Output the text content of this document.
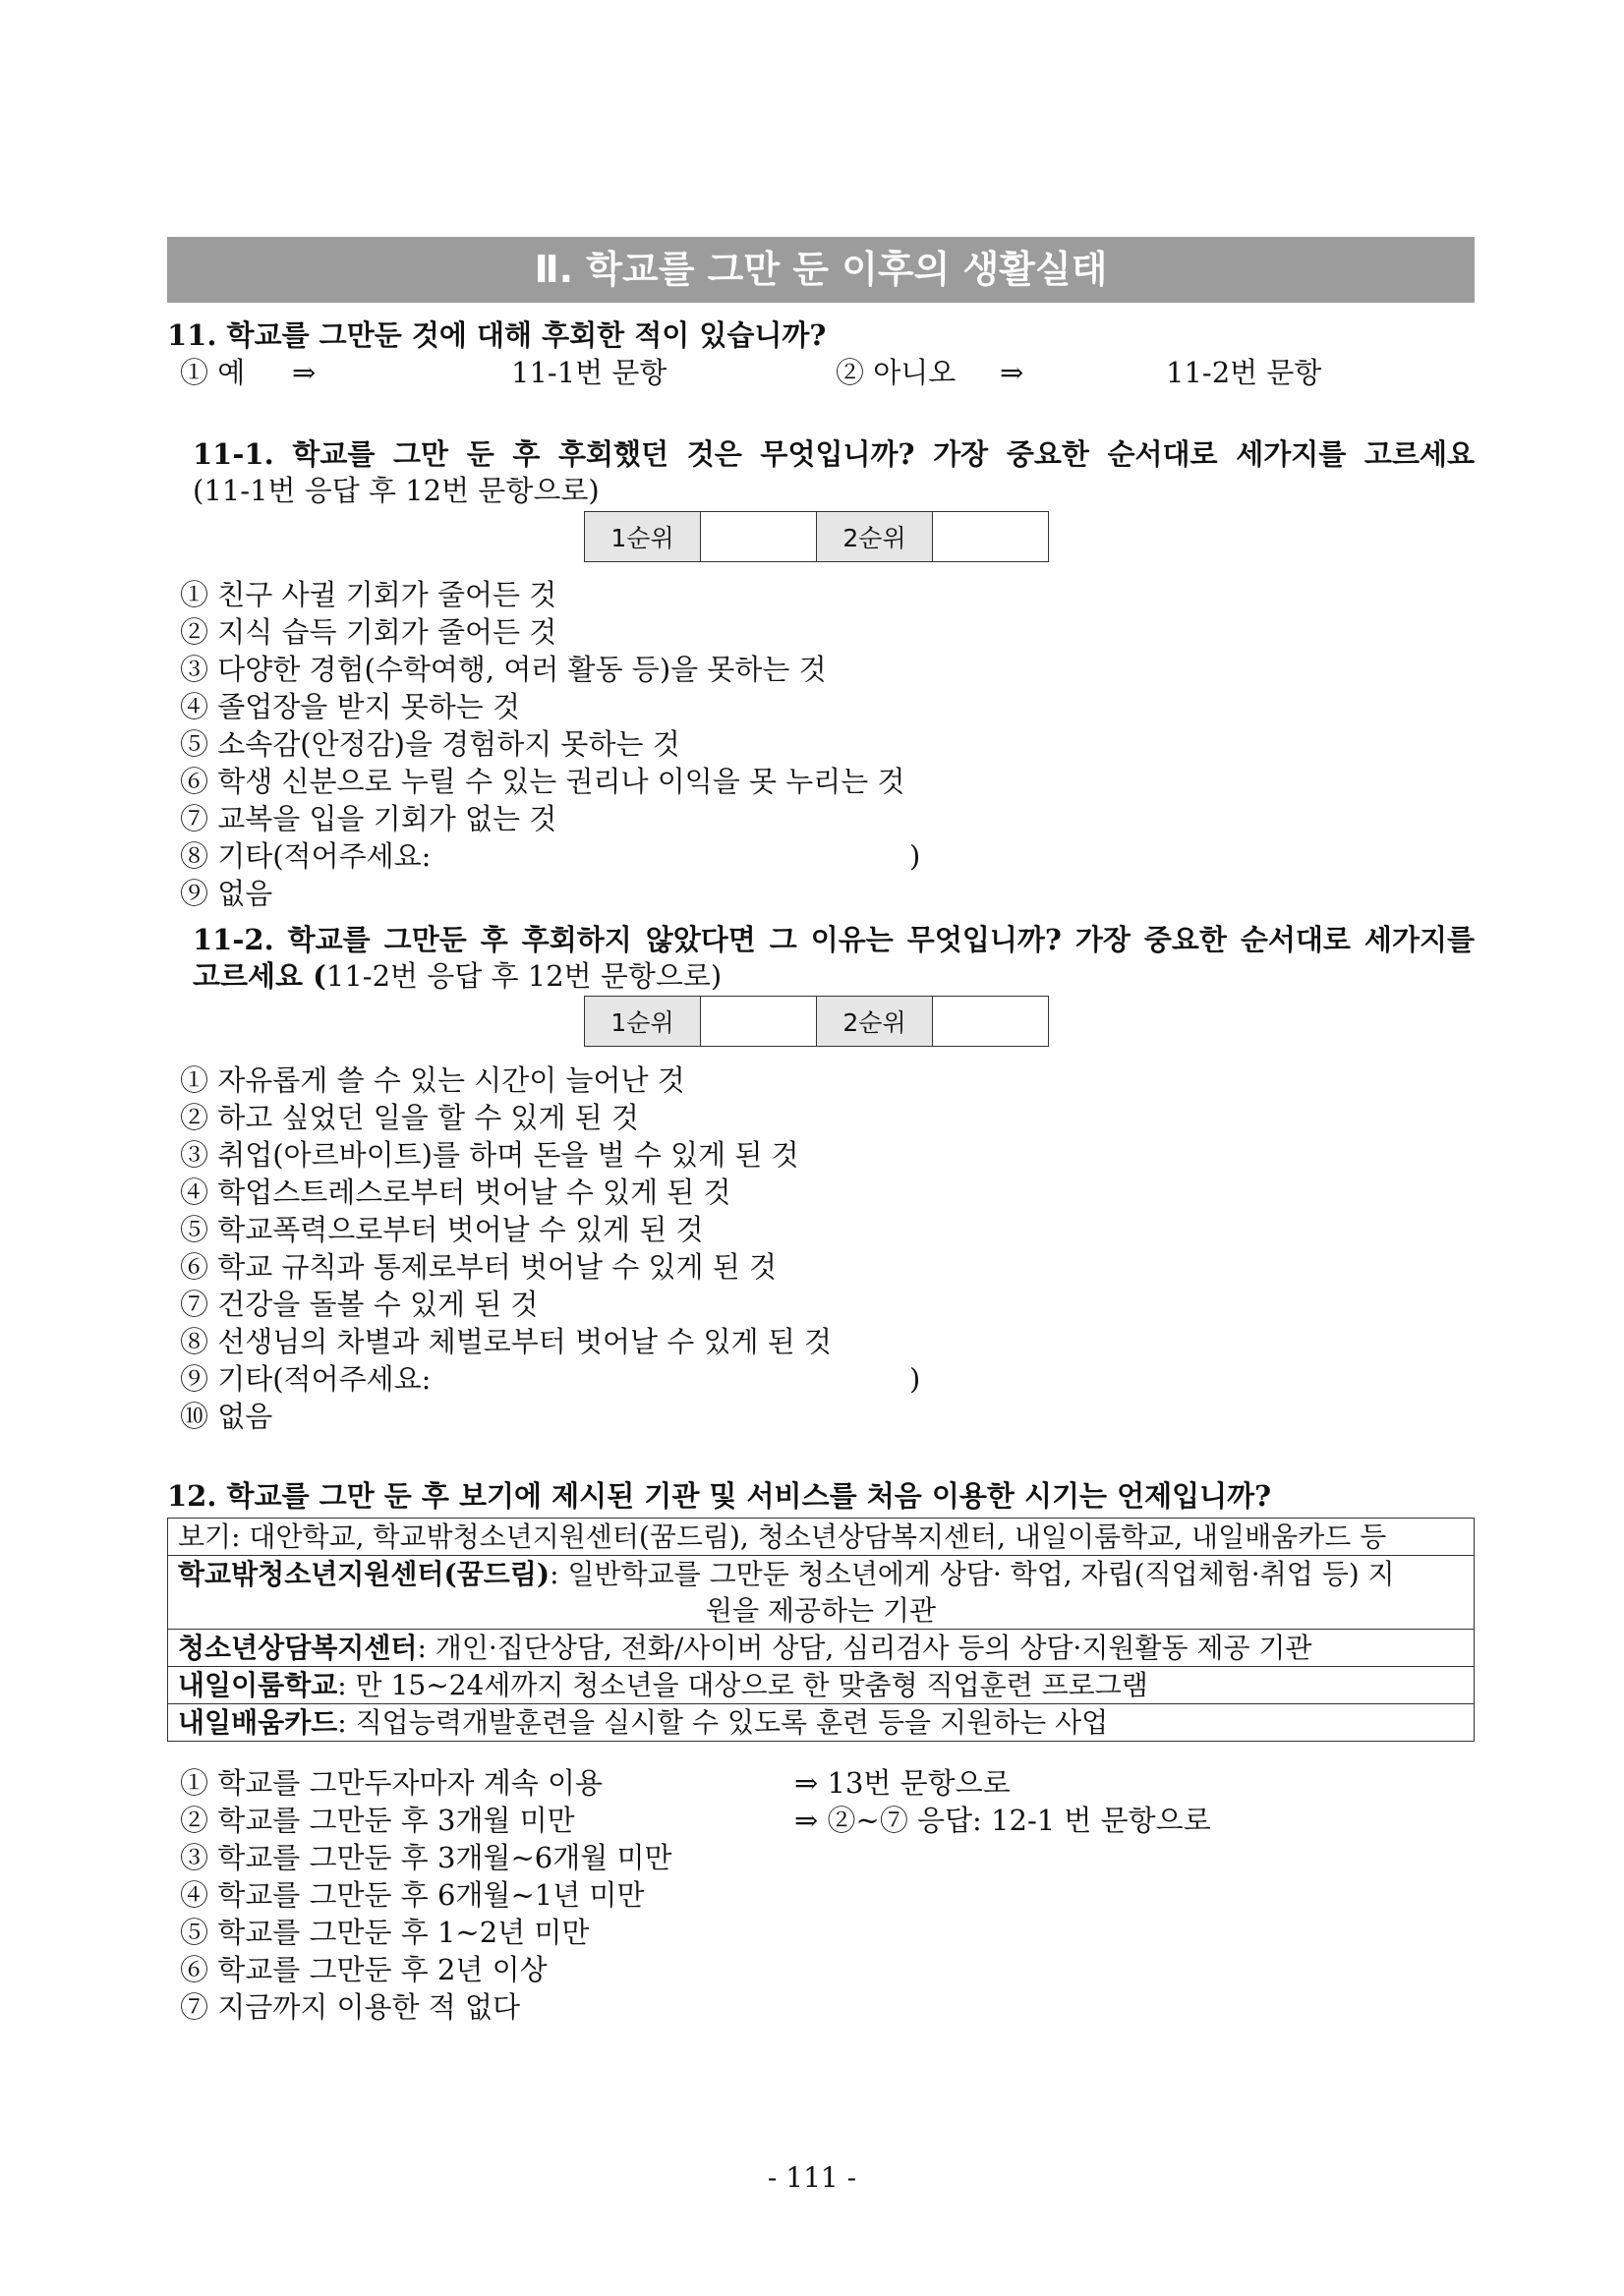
Ⅱ. 학교를 그만 둔 이후의 생활실태
11. 학교를 그만둔 것에 대해 후회한 적이 있습니까?
① 예 ⇒	11-1번 문항	② 아니오 ⇒	11-2번 문항
11-1. 학교를 그만 둔 후 후회했던 것은 무엇입니까? 가장 중요한 순서대로 세가지를 고르세요
(11-1번 응답 후 12번 문항으로)
1순위		2순위	
① 친구 사귈 기회가 줄어든 것
② 지식 습득 기회가 줄어든 것
③ 다양한 경험(수학여행, 여러 활동 등)을 못하는 것
④ 졸업장을 받지 못하는 것
⑤ 소속감(안정감)을 경험하지 못하는 것
⑥ 학생 신분으로 누릴 수 있는 권리나 이익을 못 누리는 것
⑦ 교복을 입을 기회가 없는 것
⑧ 기타(적어주세요:	)
⑨ 없음
11-2. 학교를 그만둔 후 후회하지 않았다면 그 이유는 무엇입니까? 가장 중요한 순서대로 세가지를
고르세요 (11-2번 응답 후 12번 문항으로)
1순위		2순위	
① 자유롭게 쓸 수 있는 시간이 늘어난 것
② 하고 싶었던 일을 할 수 있게 된 것
③ 취업(아르바이트)를 하며 돈을 벌 수 있게 된 것
④ 학업스트레스로부터 벗어날 수 있게 된 것
⑤ 학교폭력으로부터 벗어날 수 있게 된 것
⑥ 학교 규칙과 통제로부터 벗어날 수 있게 된 것
⑦ 건강을 돌볼 수 있게 된 것
⑧ 선생님의 차별과 체벌로부터 벗어날 수 있게 된 것
⑨ 기타(적어주세요:	)
⑩ 없음
12. 학교를 그만 둔 후 보기에 제시된 기관 및 서비스를 처음 이용한 시기는 언제입니까?
보기: 대안학교, 학교밖청소년지원센터(꿈드림), 청소년상담복지센터, 내일이룸학교, 내일배움카드 등
학교밖청소년지원센터(꿈드림): 일반학교를 그만둔 청소년에게 상담· 학업, 자립(직업체험·취업 등) 지
원을 제공하는 기관
청소년상담복지센터: 개인·집단상담, 전화/사이버 상담, 심리검사 등의 상담·지원활동 제공 기관
내일이룸학교: 만 15~24세까지 청소년을 대상으로 한 맞춤형 직업훈련 프로그램
내일배움카드: 직업능력개발훈련을 실시할 수 있도록 훈련 등을 지원하는 사업
① 학교를 그만두자마자 계속 이용	⇒ 13번 문항으로
② 학교를 그만둔 후 3개월 미만	⇒ ②~⑦ 응답: 12-1 번 문항으로
③ 학교를 그만둔 후 3개월~6개월 미만
④ 학교를 그만둔 후 6개월~1년 미만
⑤ 학교를 그만둔 후 1~2년 미만
⑥ 학교를 그만둔 후 2년 이상
⑦ 지금까지 이용한 적 없다
- 111 -
